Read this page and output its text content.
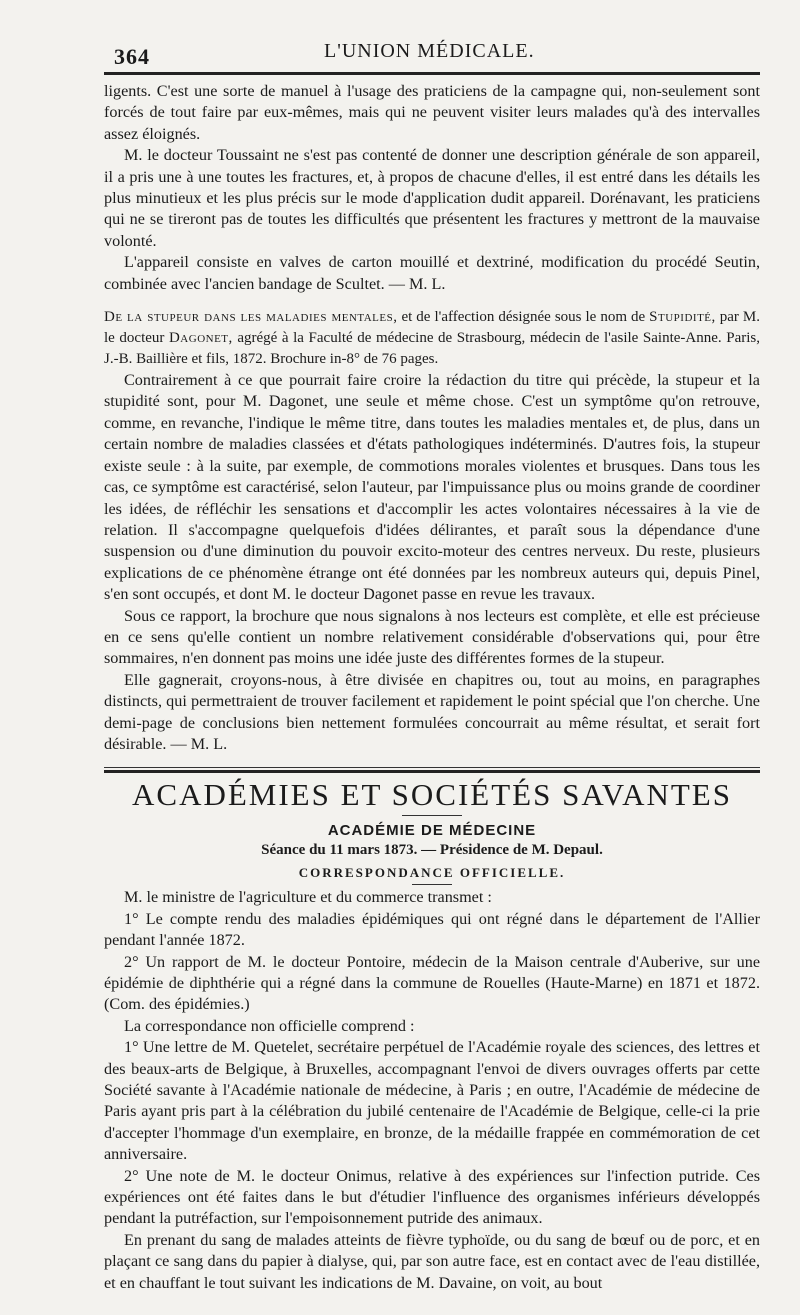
364	L'UNION MÉDICALE.

ligents. C'est une sorte de manuel à l'usage des praticiens de la campagne qui, non-seulement sont forcés de tout faire par eux-mêmes, mais qui ne peuvent visiter leurs malades qu'à des intervalles assez éloignés.

M. le docteur Toussaint ne s'est pas contenté de donner une description générale de son appareil, il a pris une à une toutes les fractures, et, à propos de chacune d'elles, il est entré dans les détails les plus minutieux et les plus précis sur le mode d'application dudit appareil. Dorénavant, les praticiens qui ne se tireront pas de toutes les difficultés que présentent les fractures y mettront de la mauvaise volonté.

L'appareil consiste en valves de carton mouillé et dextriné, modification du procédé Seutin, combinée avec l'ancien bandage de Scultet. — M. L.

De la stupeur dans les maladies mentales, et de l'affection désignée sous le nom de Stupidité, par M. le docteur Dagonet, agrégé à la Faculté de médecine de Strasbourg, médecin de l'asile Sainte-Anne. Paris, J.-B. Baillière et fils, 1872. Brochure in-8° de 76 pages.

Contrairement à ce que pourrait faire croire la rédaction du titre qui précède, la stupeur et la stupidité sont, pour M. Dagonet, une seule et même chose. C'est un symptôme qu'on retrouve, comme, en revanche, l'indique le même titre, dans toutes les maladies mentales et, de plus, dans un certain nombre de maladies classées et d'états pathologiques indéterminés. D'autres fois, la stupeur existe seule : à la suite, par exemple, de commotions morales violentes et brusques. Dans tous les cas, ce symptôme est caractérisé, selon l'auteur, par l'impuissance plus ou moins grande de coordiner les idées, de réfléchir les sensations et d'accomplir les actes volontaires nécessaires à la vie de relation. Il s'accompagne quelquefois d'idées délirantes, et paraît sous la dépendance d'une suspension ou d'une diminution du pouvoir excito-moteur des centres nerveux. Du reste, plusieurs explications de ce phénomène étrange ont été données par les nombreux auteurs qui, depuis Pinel, s'en sont occupés, et dont M. le docteur Dagonet passe en revue les travaux.

Sous ce rapport, la brochure que nous signalons à nos lecteurs est complète, et elle est précieuse en ce sens qu'elle contient un nombre relativement considérable d'observations qui, pour être sommaires, n'en donnent pas moins une idée juste des différentes formes de la stupeur.

Elle gagnerait, croyons-nous, à être divisée en chapitres ou, tout au moins, en paragraphes distincts, qui permettraient de trouver facilement et rapidement le point spécial que l'on cherche. Une demi-page de conclusions bien nettement formulées concourrait au même résultat, et serait fort désirable. — M. L.

ACADÉMIES ET SOCIÉTÉS SAVANTES
ACADÉMIE DE MÉDECINE
Séance du 11 mars 1873. — Présidence de M. Depaul.
CORRESPONDANCE OFFICIELLE.

M. le ministre de l'agriculture et du commerce transmet :

1° Le compte rendu des maladies épidémiques qui ont régné dans le département de l'Allier pendant l'année 1872.

2° Un rapport de M. le docteur Pontoire, médecin de la Maison centrale d'Auberive, sur une épidémie de diphthérie qui a régné dans la commune de Rouelles (Haute-Marne) en 1871 et 1872. (Com. des épidémies.)

La correspondance non officielle comprend :

1° Une lettre de M. Quetelet, secrétaire perpétuel de l'Académie royale des sciences, des lettres et des beaux-arts de Belgique, à Bruxelles, accompagnant l'envoi de divers ouvrages offerts par cette Société savante à l'Académie nationale de médecine, à Paris ; en outre, l'Académie de médecine de Paris ayant pris part à la célébration du jubilé centenaire de l'Académie de Belgique, celle-ci la prie d'accepter l'hommage d'un exemplaire, en bronze, de la médaille frappée en commémoration de cet anniversaire.

2° Une note de M. le docteur Onimus, relative à des expériences sur l'infection putride. Ces expériences ont été faites dans le but d'étudier l'influence des organismes inférieurs développés pendant la putréfaction, sur l'empoisonnement putride des animaux.

En prenant du sang de malades atteints de fièvre typhoïde, ou du sang de bœuf ou de porc, et en plaçant ce sang dans du papier à dialyse, qui, par son autre face, est en contact avec de l'eau distillée, et en chauffant le tout suivant les indications de M. Davaine, on voit, au bout
